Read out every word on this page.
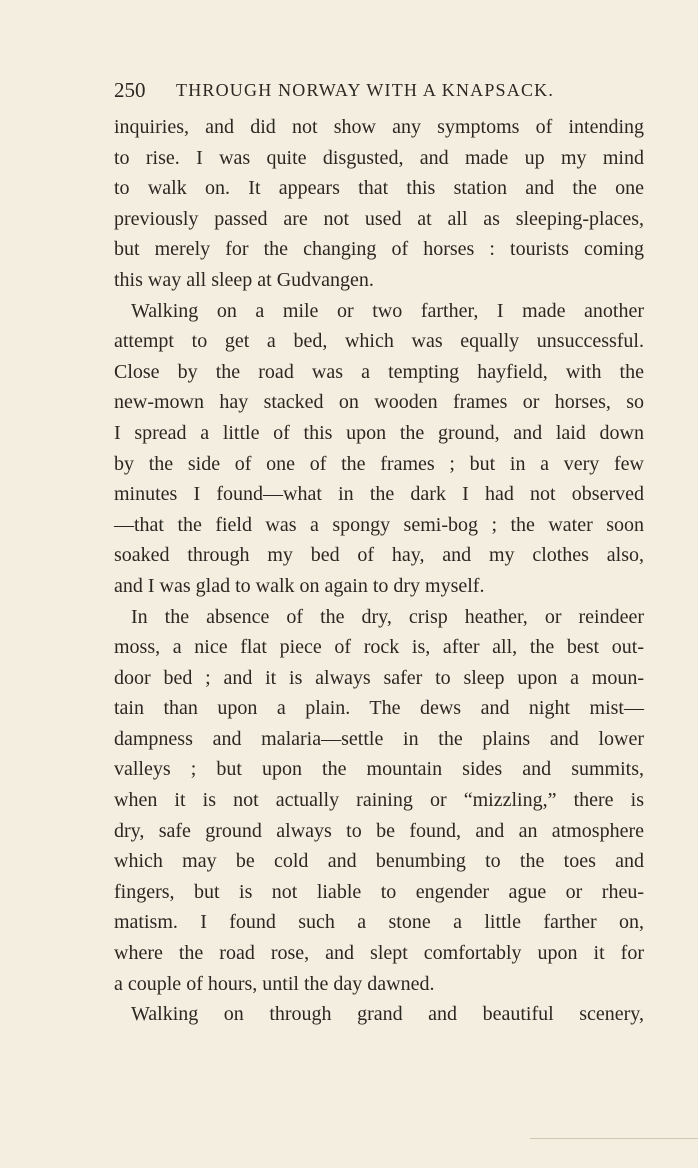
250 THROUGH NORWAY WITH A KNAPSACK.
inquiries, and did not show any symptoms of intending
to rise. I was quite disgusted, and made up my mind
to walk on. It appears that this station and the one
previously passed are not used at all as sleeping-places,
but merely for the changing of horses : tourists coming
this way all sleep at Gudvangen.
Walking on a mile or two farther, I made another
attempt to get a bed, which was equally unsuccessful.
Close by the road was a tempting hayfield, with the
new-mown hay stacked on wooden frames or horses, so
I spread a little of this upon the ground, and laid down
by the side of one of the frames ; but in a very few
minutes I found—what in the dark I had not observed
—that the field was a spongy semi-bog ; the water soon
soaked through my bed of hay, and my clothes also,
and I was glad to walk on again to dry myself.
In the absence of the dry, crisp heather, or reindeer
moss, a nice flat piece of rock is, after all, the best out-
door bed ; and it is always safer to sleep upon a moun-
tain than upon a plain. The dews and night mist—
dampness and malaria—settle in the plains and lower
valleys ; but upon the mountain sides and summits,
when it is not actually raining or “mizzling,” there is
dry, safe ground always to be found, and an atmosphere
which may be cold and benumbing to the toes and
fingers, but is not liable to engender ague or rheu-
matism. I found such a stone a little farther on,
where the road rose, and slept comfortably upon it for
a couple of hours, until the day dawned.
Walking on through grand and beautiful scenery,
